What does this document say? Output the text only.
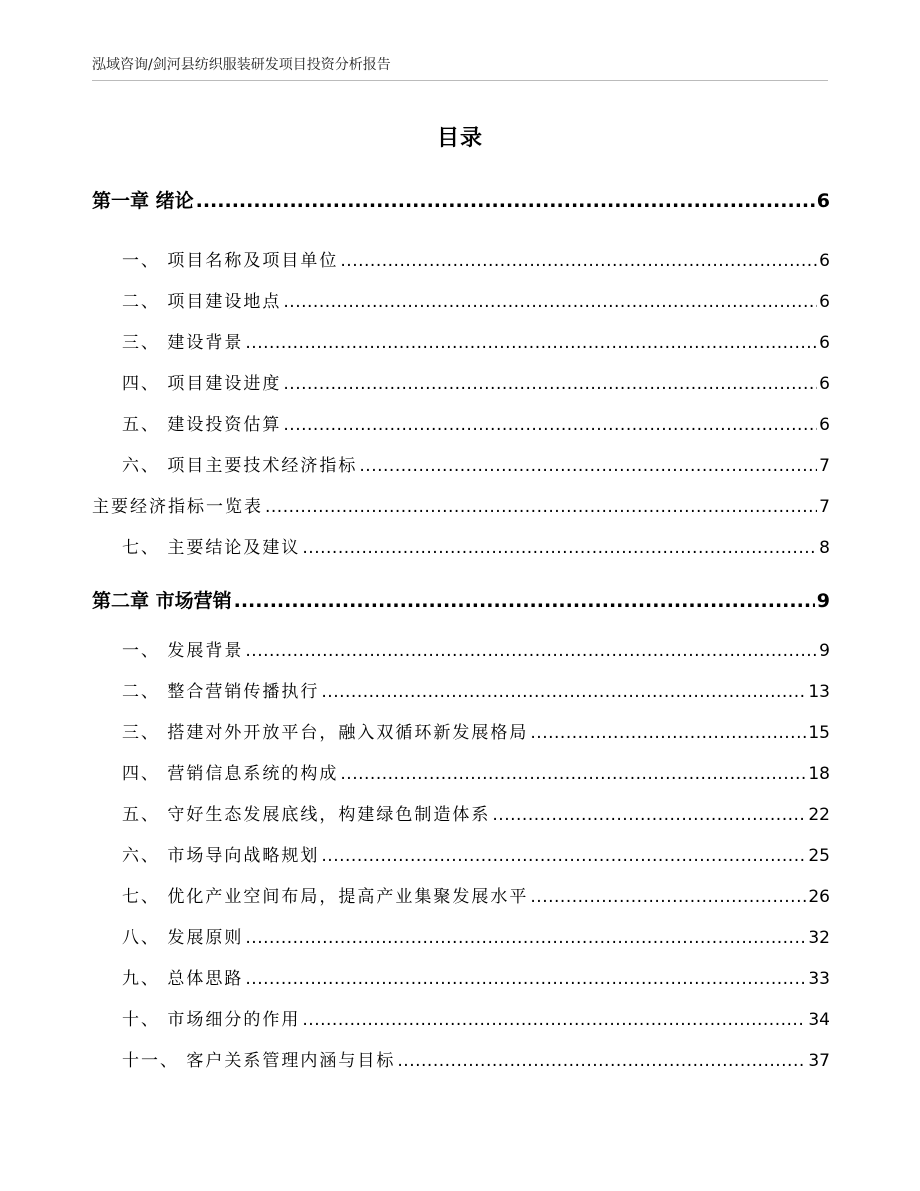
泓域咨询/剑河县纺织服装研发项目投资分析报告
目录
第一章 绪论 .....	6
一、 项目名称及项目单位 .....	6
二、 项目建设地点 .....	6
三、 建设背景 .....	6
四、 项目建设进度 .....	6
五、 建设投资估算 .....	6
六、 项目主要技术经济指标 .....	7
主要经济指标一览表 .....	7
七、 主要结论及建议 .....	8
第二章 市场营销 .....	9
一、 发展背景 .....	9
二、 整合营销传播执行 .....	13
三、 搭建对外开放平台，融入双循环新发展格局 .....	15
四、 营销信息系统的构成 .....	18
五、 守好生态发展底线，构建绿色制造体系 .....	22
六、 市场导向战略规划 .....	25
七、 优化产业空间布局，提高产业集聚发展水平 .....	26
八、 发展原则 .....	32
九、 总体思路 .....	33
十、 市场细分的作用 .....	34
十一、 客户关系管理内涵与目标 .....	37
